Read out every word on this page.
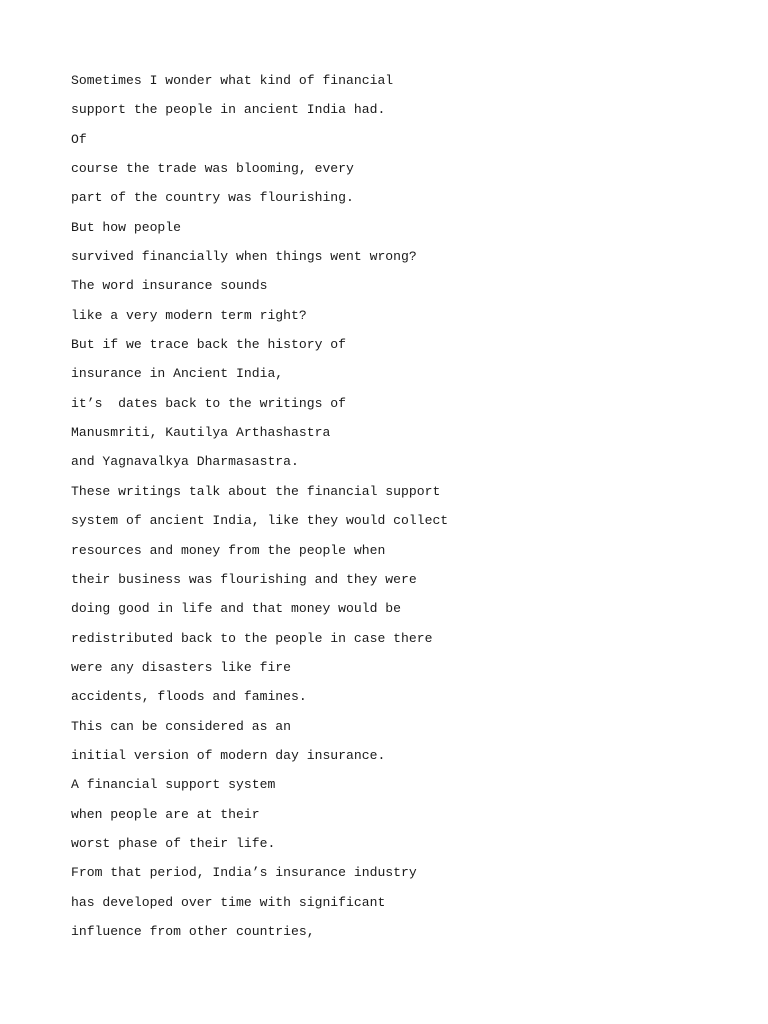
Sometimes I wonder what kind of financial

support the people in ancient India had.

Of

course the trade was blooming, every

part of the country was flourishing.

But how people

survived financially when things went wrong?

The word insurance sounds

like a very modern term right?

But if we trace back the history of

insurance in Ancient India,

it’s  dates back to the writings of

Manusmriti, Kautilya Arthashastra

and Yagnavalkya Dharmasastra.

These writings talk about the financial support

system of ancient India, like they would collect

resources and money from the people when

their business was flourishing and they were

doing good in life and that money would be

redistributed back to the people in case there

were any disasters like fire

accidents, floods and famines.

This can be considered as an

initial version of modern day insurance.

A financial support system

when people are at their

worst phase of their life.

From that period, India’s insurance industry

has developed over time with significant

influence from other countries,
